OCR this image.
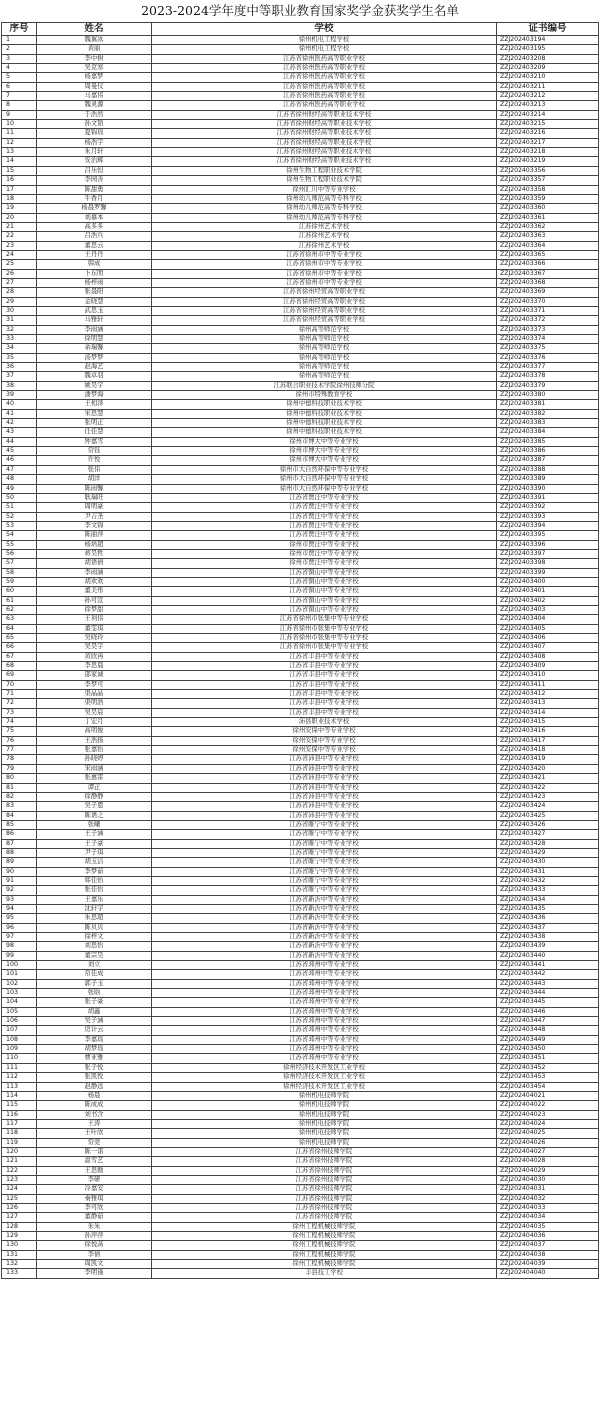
2023-2024学年度中等职业教育国家奖学金获奖学生名单
序号	姓名	学校	证书编号
1	魏翼冰	徐州机电工程学校	ZZJ202403194
2	黄丽	徐州机电工程学校	ZZJ202403195
3	李中树	江苏省徐州医药高等职业学校	ZZJ202403208
4	吴克寒	江苏省徐州医药高等职业学校	ZZJ202403209
5	杨嘉梦	江苏省徐州医药高等职业学校	ZZJ202403210
6	周曼仪	江苏省徐州医药高等职业学校	ZZJ202403211
7	马嘉伟	江苏省徐州医药高等职业学校	ZZJ202403212
8	魏灵源	江苏省徐州医药高等职业学校	ZZJ202403213
9	于浩然	江苏省徐州财经高等职业技术学校	ZZJ202403214
10	孙文韬	江苏省徐州财经高等职业技术学校	ZZJ202403215
11	夏锦瑶	江苏省徐州财经高等职业技术学校	ZZJ202403216
12	杨浩宇	江苏省徐州财经高等职业技术学校	ZZJ202403217
13	朱月轩	江苏省徐州财经高等职业技术学校	ZZJ202403218
14	安治辉	江苏省徐州财经高等职业技术学校	ZZJ202403219
15	吕乐恒	徐州生物工程职业技术学院	ZZJ202403356
16	李园善	徐州生物工程职业技术学院	ZZJ202403357
17	陈甜勇	徐州汇川中等专业学校	ZZJ202403358
18	牛香月	徐州幼儿师范高等专科学校	ZZJ202403359
19	杨晨罗馨	徐州幼儿师范高等专科学校	ZZJ202403360
20	刘慕本	徐州幼儿师范高等专科学校	ZZJ202403361
21	高多多	江苏徐州艺术学校	ZZJ202403362
22	吕浩兵	江苏徐州艺术学校	ZZJ202403363
23	董思云	江苏徐州艺术学校	ZZJ202403364
24	王丹丹	江苏省徐州市中等专业学校	ZZJ202403365
25	韩成	江苏省徐州市中等专业学校	ZZJ202403366
26	卜东明	江苏省徐州市中等专业学校	ZZJ202403367
27	杨梓雨	江苏省徐州市中等专业学校	ZZJ202403368
28	张晨阳	江苏省徐州经贸高等职业学校	ZZJ202403369
29	金晓慧	江苏省徐州经贸高等职业学校	ZZJ202403370
30	武思玉	江苏省徐州经贸高等职业学校	ZZJ202403371
31	马雅轩	江苏省徐州经贸高等职业学校	ZZJ202403372
32	李雨涵	徐州高等师范学校	ZZJ202403373
33	徐明慧	徐州高等师范学校	ZZJ202403374
34	余瑞馨	徐州高等师范学校	ZZJ202403375
35	汤梦梦	徐州高等师范学校	ZZJ202403376
36	赵海艺	徐州高等师范学校	ZZJ202403377
37	魏卓羽	徐州高等师范学校	ZZJ202403378
38	姚昊宇	江苏联合职业技术学院徐州技师分院	ZZJ202403379
39	潘梦海	徐州市特殊教育学校	ZZJ202403380
40	王相泽	徐州中德科技职业技术学校	ZZJ202403381
41	宋思慧	徐州中德科技职业技术学校	ZZJ202403382
42	张明正	徐州中德科技职业技术学校	ZZJ202403383
43	任佳慧	徐州中德科技职业技术学校	ZZJ202403384
44	钟嘉雪	徐州市博大中等专业学校	ZZJ202403385
45	常钰	徐州市博大中等专业学校	ZZJ202403386
46	许悦	徐州市博大中等专业学校	ZZJ202403387
47	张伟	徐州市大自然环保中等专业学校	ZZJ202403388
48	胡洋	徐州市大自然环保中等专业学校	ZZJ202403389
49	陈雨馨	徐州市大自然环保中等专业学校	ZZJ202403390
50	耿瑞旺	江苏省贾汪中等专业学校	ZZJ202403391
51	周明豪	江苏省贾汪中等专业学校	ZZJ202403392
52	尹吉圣	江苏省贾汪中等专业学校	ZZJ202403393
53	李文锦	江苏省贾汪中等专业学校	ZZJ202403394
54	陈丽萍	江苏省贾汪中等专业学校	ZZJ202403395
55	杨培超	徐州市贾汪中等专业学校	ZZJ202403396
56	蒋昊哲	徐州市贾汪中等专业学校	ZZJ202403397
57	胡语倩	徐州市贾汪中等专业学校	ZZJ202403398
58	李雨涵	江苏省铜山中等专业学校	ZZJ202403399
59	胡欢欢	江苏省铜山中等专业学校	ZZJ202403400
60	董美彤	江苏省铜山中等专业学校	ZZJ202403401
61	孙可宣	江苏省铜山中等专业学校	ZZJ202403402
62	徐梦甜	江苏省铜山中等专业学校	ZZJ202403403
63	王利伟	江苏省徐州市张集中等专业学校	ZZJ202403404
64	董雯琪	江苏省徐州市张集中等专业学校	ZZJ202403405
65	吴晓玲	江苏省徐州市张集中等专业学校	ZZJ202403406
66	吴昊宇	江苏省徐州市张集中等专业学校	ZZJ202403407
67	黄欣冉	江苏省丰县中等专业学校	ZZJ202403408
68	李思晨	江苏省丰县中等专业学校	ZZJ202403409
69	邵家诚	江苏省丰县中等专业学校	ZZJ202403410
70	李梦可	江苏省丰县中等专业学校	ZZJ202403411
71	渠晶晶	江苏省丰县中等专业学校	ZZJ202403412
72	渠明浩	江苏省丰县中等专业学校	ZZJ202403413
73	吴昊宸	江苏省丰县中等专业学校	ZZJ202403414
74	丁宏月	沛县职业技术学校	ZZJ202403415
75	高明俊	徐州安保中等专业学校	ZZJ202403416
76	王浩扬	徐州安保中等专业学校	ZZJ202403417
77	张嘉怡	徐州安保中等专业学校	ZZJ202403418
78	孙晓婷	江苏省沛县中等专业学校	ZZJ202403419
79	宋雨涵	江苏省沛县中等专业学校	ZZJ202403420
80	张惠雷	江苏省沛县中等专业学校	ZZJ202403421
81	谭正	江苏省沛县中等专业学校	ZZJ202403422
82	徐静静	江苏省沛县中等专业学校	ZZJ202403423
83	吴子恩	江苏省沛县中等专业学校	ZZJ202403424
84	陈语之	江苏省沛县中等专业学校	ZZJ202403425
85	张曦	江苏省睢宁中等专业学校	ZZJ202403426
86	王子涵	江苏省睢宁中等专业学校	ZZJ202403427
87	王子豪	江苏省睢宁中等专业学校	ZZJ202403428
88	尹子琪	江苏省睢宁中等专业学校	ZZJ202403429
89	胡玉洁	江苏省睢宁中等专业学校	ZZJ202403430
90	李梦茹	江苏省睢宁中等专业学校	ZZJ202403431
91	韩佳怡	江苏省睢宁中等专业学校	ZZJ202403432
92	张佳怡	江苏省睢宁中等专业学校	ZZJ202403433
93	王嘉乐	江苏省新沂中等专业学校	ZZJ202403434
94	沈轩宇	江苏省新沂中等专业学校	ZZJ202403435
95	朱思超	江苏省新沂中等专业学校	ZZJ202403436
96	陈贝贝	江苏省新沂中等专业学校	ZZJ202403437
97	徐梓文	江苏省新沂中等专业学校	ZZJ202403438
98	刘思怡	江苏省新沂中等专业学校	ZZJ202403439
99	董宗昊	江苏省新沂中等专业学校	ZZJ202403440
100	刘立	江苏省邳州中等专业学校	ZZJ202403441
101	常佳成	江苏省邳州中等专业学校	ZZJ202403442
102	郭子玉	江苏省邳州中等专业学校	ZZJ202403443
103	张晗	江苏省邳州中等专业学校	ZZJ202403444
104	张子豪	江苏省邳州中等专业学校	ZZJ202403445
105	胡鑫	江苏省邳州中等专业学校	ZZJ202403446
106	吴子涵	江苏省邳州中等专业学校	ZZJ202403447
107	房计云	江苏省邳州中等专业学校	ZZJ202403448
108	李嘉瑶	江苏省邳州中等专业学校	ZZJ202403449
109	胡梦瑶	江苏省邳州中等专业学校	ZZJ202403450
110	曹亚雅	江苏省邳州中等专业学校	ZZJ202403451
111	张子悦	徐州经济技术开发区工业学校	ZZJ202403452
112	张凯悦	徐州经济技术开发区工业学校	ZZJ202403453
113	赵静远	徐州经济技术开发区工业学校	ZZJ202403454
114	杨晨	徐州机电技师学院	ZZJ202404021
115	陈成成	徐州机电技师学院	ZZJ202404022
116	刘书含	徐州机电技师学院	ZZJ202404023
117	王涛	徐州机电技师学院	ZZJ202404024
118	王叶欣	徐州机电技师学院	ZZJ202404025
119	常莞	徐州机电技师学院	ZZJ202404026
120	陈一诺	江苏省徐州技师学院	ZZJ202404027
121	温雪艺	江苏省徐州技师学院	ZZJ202404028
122	王思勤	江苏省徐州技师学院	ZZJ202404029
123	李研	江苏省徐州技师学院	ZZJ202404030
124	冷嘉安	江苏省徐州技师学院	ZZJ202404031
125	秦雅琪	江苏省徐州技师学院	ZZJ202404032
126	李可欣	江苏省徐州技师学院	ZZJ202404033
127	董静茹	江苏省徐州技师学院	ZZJ202404034
128	朱朱	徐州工程机械技师学院	ZZJ202404035
129	孙萍萍	徐州工程机械技师学院	ZZJ202404036
130	徐悦菡	徐州工程机械技师学院	ZZJ202404037
131	李倩	徐州工程机械技师学院	ZZJ202404038
132	周凯文	徐州工程机械技师学院	ZZJ202404039
133	李明谨	丰县技工学校	ZZJ202404040
